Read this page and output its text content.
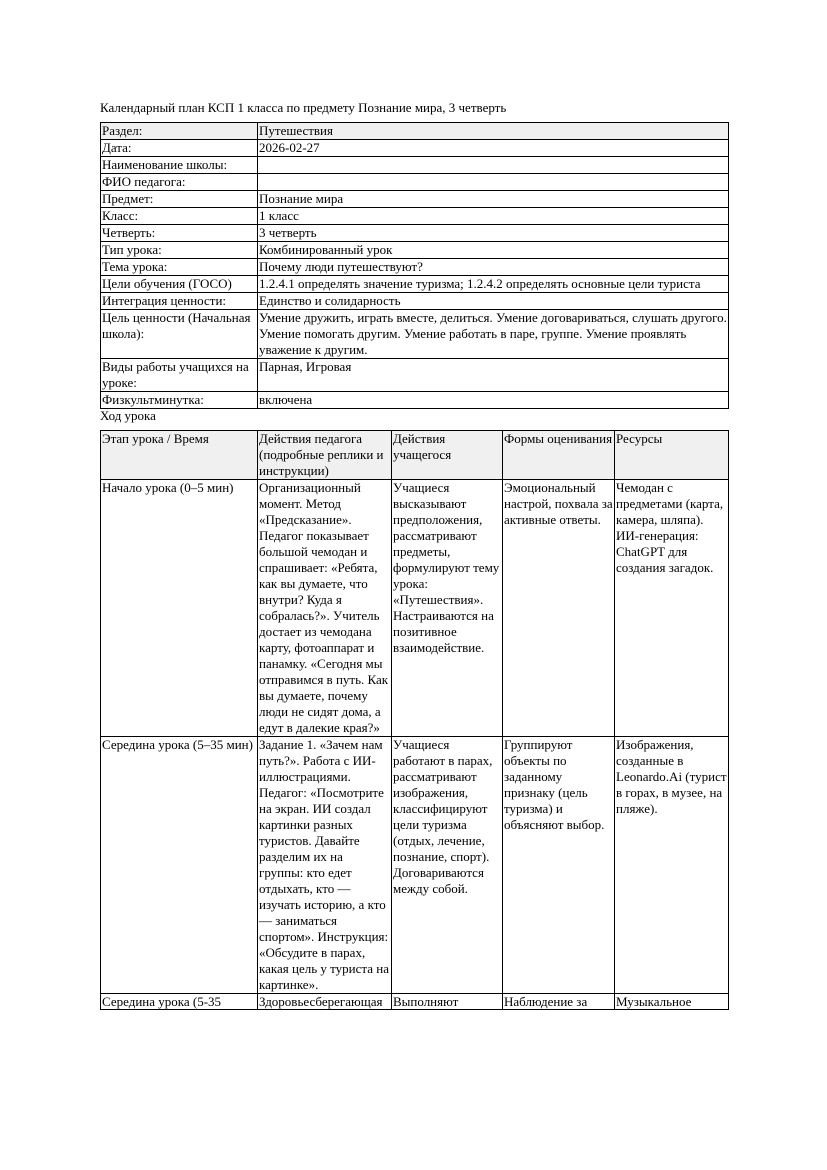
Календарный план КСП 1 класса по предмету Познание мира, 3 четверть
Раздел:	Путешествия
Дата:	2026-02-27
Наименование школы:	
ФИО педагога:	
Предмет:	Познание мира
Класс:	1 класс
Четверть:	3 четверть
Тип урока:	Комбинированный урок
Тема урока:	Почему люди путешествуют?
Цели обучения (ГОСО)	1.2.4.1 определять значение туризма; 1.2.4.2 определять основные цели туриста
Интеграция ценности:	Единство и солидарность
Цель ценности (Начальная школа):	Умение дружить, играть вместе, делиться. Умение договариваться, слушать другого. Умение помогать другим. Умение работать в паре, группе. Умение проявлять уважение к другим.
Виды работы учащихся на уроке:	Парная, Игровая
Физкультминутка:	включена
Ход урока
Этап урока / Время	Действия педагога (подробные реплики и инструкции)	Действия учащегося	Формы оценивания	Ресурсы
Начало урока (0–5 мин)	Организационный момент. Метод «Предсказание». Педагог показывает большой чемодан и спрашивает: «Ребята, как вы думаете, что внутри? Куда я собралась?». Учитель достает из чемодана карту, фотоаппарат и панамку. «Сегодня мы отправимся в путь. Как вы думаете, почему люди не сидят дома, а едут в далекие края?»	Учащиеся высказывают предположения, рассматривают предметы, формулируют тему урока: «Путешествия». Настраиваются на позитивное взаимодействие.	Эмоциональный настрой, похвала за активные ответы.	Чемодан с предметами (карта, камера, шляпа). ИИ-генерация: ChatGPT для создания загадок.
Середина урока (5–35 мин)	Задание 1. «Зачем нам путь?». Работа с ИИ-иллюстрациями. Педагог: «Посмотрите на экран. ИИ создал картинки разных туристов. Давайте разделим их на группы: кто едет отдыхать, кто — изучать историю, а кто — заниматься спортом». Инструкция: «Обсудите в парах, какая цель у туриста на картинке».	Учащиеся работают в парах, рассматривают изображения, классифицируют цели туризма (отдых, лечение, познание, спорт). Договариваются между собой.	Группируют объекты по заданному признаку (цель туризма) и объясняют выбор.	Изображения, созданные в Leonardo.Ai (турист в горах, в музее, на пляже).

Середина урока (5-35	Здоровьесберегающая	Выполняют	Наблюдение за	Музыкальное
